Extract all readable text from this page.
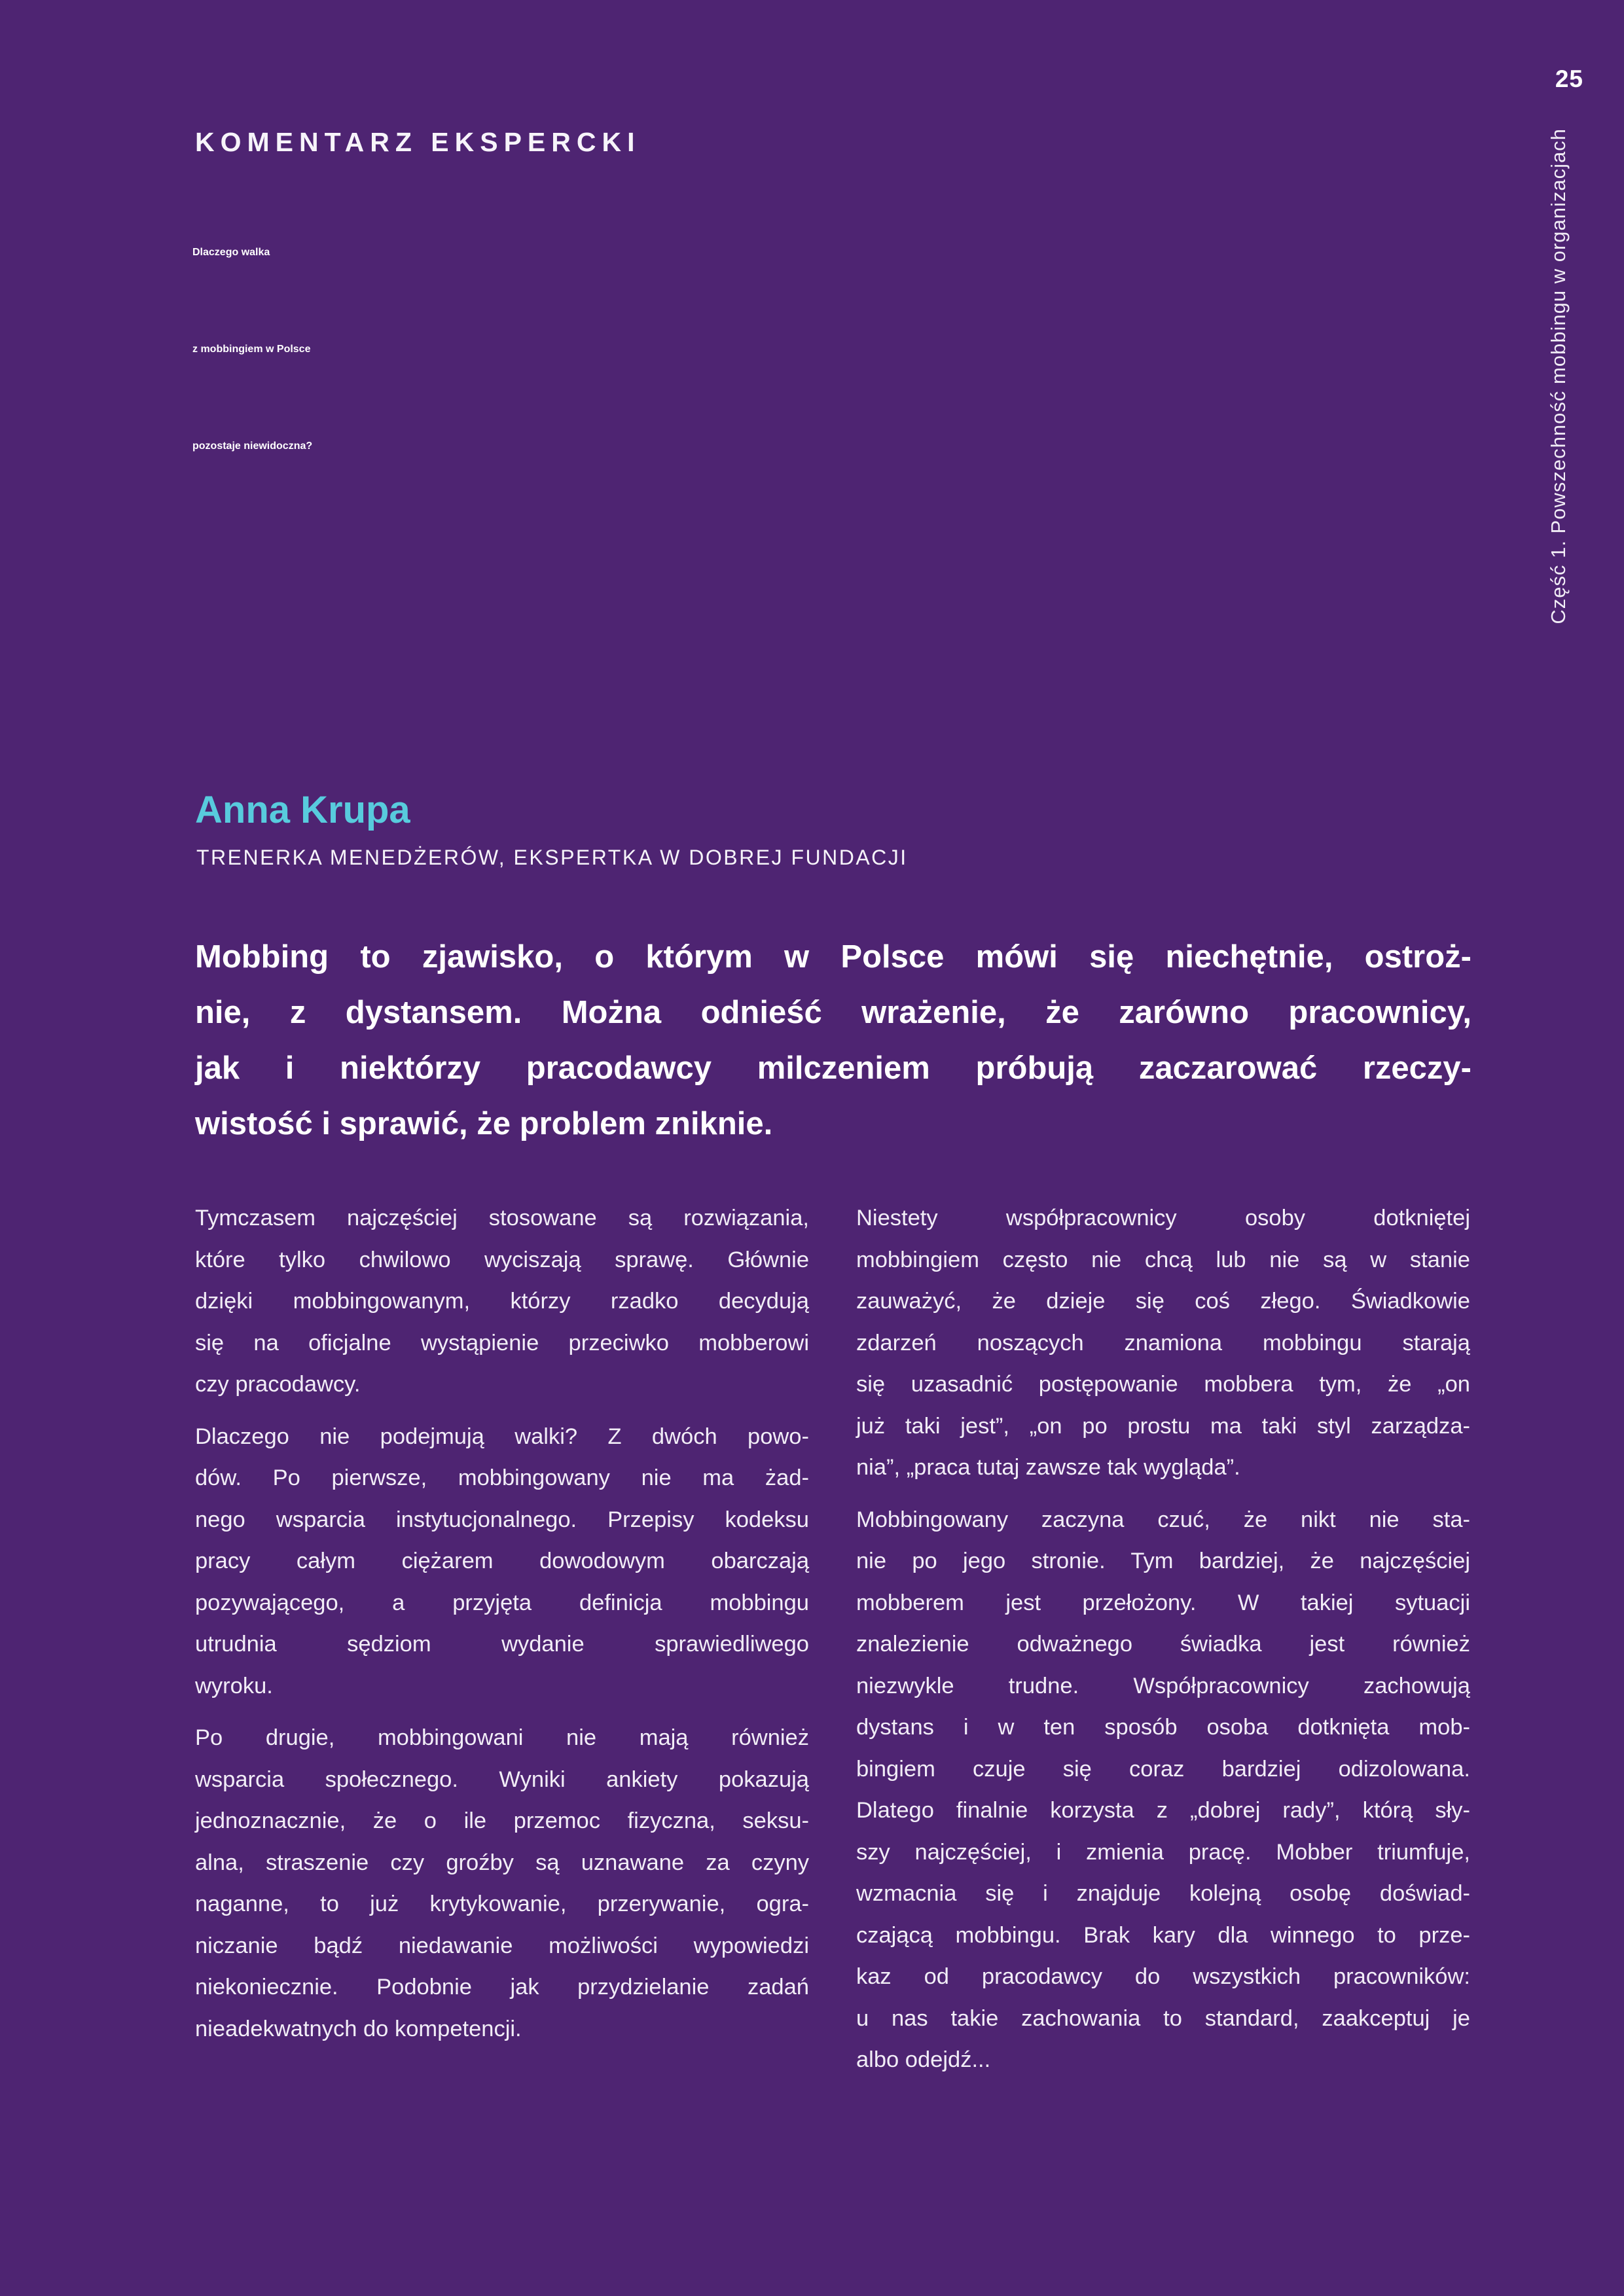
25
Część 1. Powszechność mobbingu w organizacjach
KOMENTARZ EKSPERCKI
Dlaczego walka
z mobbingiem w Polsce
pozostaje niewidoczna?
Anna Krupa
TRENERKA MENEDŻERÓW, EKSPERTKA W DOBREJ FUNDACJI
Mobbing to zjawisko, o którym w Polsce mówi się niechętnie, ostroż-
nie, z dystansem. Można odnieść wrażenie, że zarówno pracownicy,
jak i niektórzy pracodawcy milczeniem próbują zaczarować rzeczy-
wistość i sprawić, że problem zniknie.
Tymczasem najczęściej stosowane są rozwiązania,
które tylko chwilowo wyciszają sprawę. Głównie
dzięki mobbingowanym, którzy rzadko decydują
się na oficjalne wystąpienie przeciwko mobberowi
czy pracodawcy.
Dlaczego nie podejmują walki? Z dwóch powo-
dów. Po pierwsze, mobbingowany nie ma żad-
nego wsparcia instytucjonalnego. Przepisy kodeksu
pracy całym ciężarem dowodowym obarczają
pozywającego, a przyjęta definicja mobbingu
utrudnia sędziom wydanie sprawiedliwego
wyroku.
Po drugie, mobbingowani nie mają również
wsparcia społecznego. Wyniki ankiety pokazują
jednoznacznie, że o ile przemoc fizyczna, seksu-
alna, straszenie czy groźby są uznawane za czyny
naganne, to już krytykowanie, przerywanie, ogra-
niczanie bądź niedawanie możliwości wypowiedzi
niekoniecznie. Podobnie jak przydzielanie zadań
nieadekwatnych do kompetencji.
Niestety współpracownicy osoby dotkniętej
mobbingiem często nie chcą lub nie są w stanie
zauważyć, że dzieje się coś złego. Świadkowie
zdarzeń noszących znamiona mobbingu starają
się uzasadnić postępowanie mobbera tym, że „on
już taki jest”, „on po prostu ma taki styl zarządza-
nia”, „praca tutaj zawsze tak wygląda”.
Mobbingowany zaczyna czuć, że nikt nie sta-
nie po jego stronie. Tym bardziej, że najczęściej
mobberem jest przełożony. W takiej sytuacji
znalezienie odważnego świadka jest również
niezwykle trudne. Współpracownicy zachowują
dystans i w ten sposób osoba dotknięta mob-
bingiem czuje się coraz bardziej odizolowana.
Dlatego finalnie korzysta z „dobrej rady”, którą sły-
szy najczęściej, i zmienia pracę. Mobber triumfuje,
wzmacnia się i znajduje kolejną osobę doświad-
czającą mobbingu. Brak kary dla winnego to prze-
kaz od pracodawcy do wszystkich pracowników:
u nas takie zachowania to standard, zaakceptuj je
albo odejdź...
